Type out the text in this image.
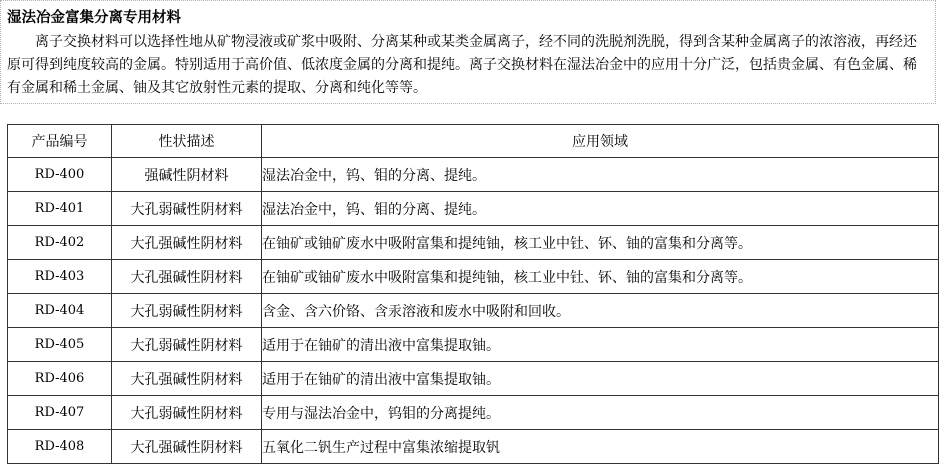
湿法冶金富集分离专用材料

离子交换材料可以选择性地从矿物浸液或矿浆中吸附、分离某种或某类金属离子，经不同的洗脱剂洗脱，得到含某种金属离子的浓溶液，再经还原可得到纯度较高的金属。特别适用于高价值、低浓度金属的分离和提纯。离子交换材料在湿法冶金中的应用十分广泛，包括贵金属、有色金属、稀有金属和稀土金属、铀及其它放射性元素的提取、分离和纯化等等。

产品编号	性状描述	应用领域
RD-400	强碱性阴材料	湿法冶金中，钨、钼的分离、提纯。
RD-401	大孔弱碱性阴材料	湿法冶金中，钨、钼的分离、提纯。
RD-402	大孔强碱性阴材料	在铀矿或铀矿废水中吸附富集和提纯铀，核工业中钍、钚、铀的富集和分离等。
RD-403	大孔强碱性阴材料	在铀矿或铀矿废水中吸附富集和提纯铀，核工业中钍、钚、铀的富集和分离等。
RD-404	大孔弱碱性阴材料	含金、含六价铬、含汞溶液和废水中吸附和回收。
RD-405	大孔弱碱性阴材料	适用于在铀矿的清出液中富集提取铀。
RD-406	大孔强碱性阴材料	适用于在铀矿的清出液中富集提取铀。
RD-407	大孔弱碱性阴材料	专用与湿法冶金中，钨钼的分离提纯。
RD-408	大孔强碱性阴材料	五氧化二钒生产过程中富集浓缩提取钒
